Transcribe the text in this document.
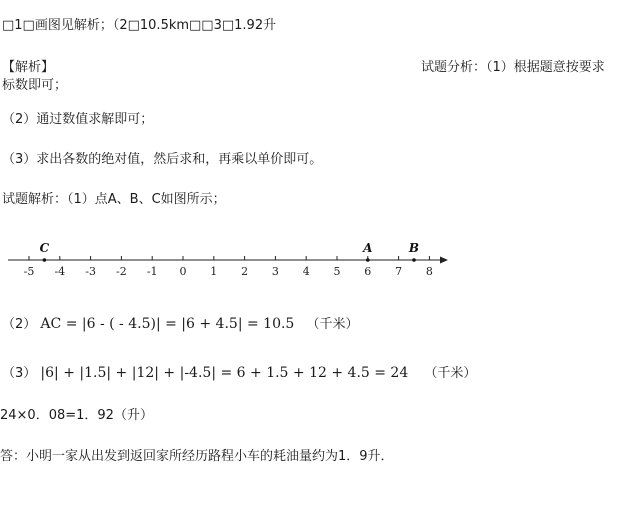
□1□画图见解析；（2□10.5km□□3□1.92升
【解析】	试题分析：（1）根据题意按要求
标数即可；
（2）通过数值求解即可；
（3）求出各数的绝对值，然后求和，再乘以单价即可。
试题解析：（1）点A、B、C如图所示；
-5 -4 -3 -2 -1 0 1 2 3 4 5 6 7 8
C	A	B
（2） AC = |6 - ( - 4.5)| = |6 + 4.5| = 10.5 （千米）
（3） |6| + |1.5| + |12| + |-4.5| = 6 + 1.5 + 12 + 4.5 = 24 （千米）
24×0．08=1．92（升）
答：小明一家从出发到返回家所经历路程小车的耗油量约为1．9升．
